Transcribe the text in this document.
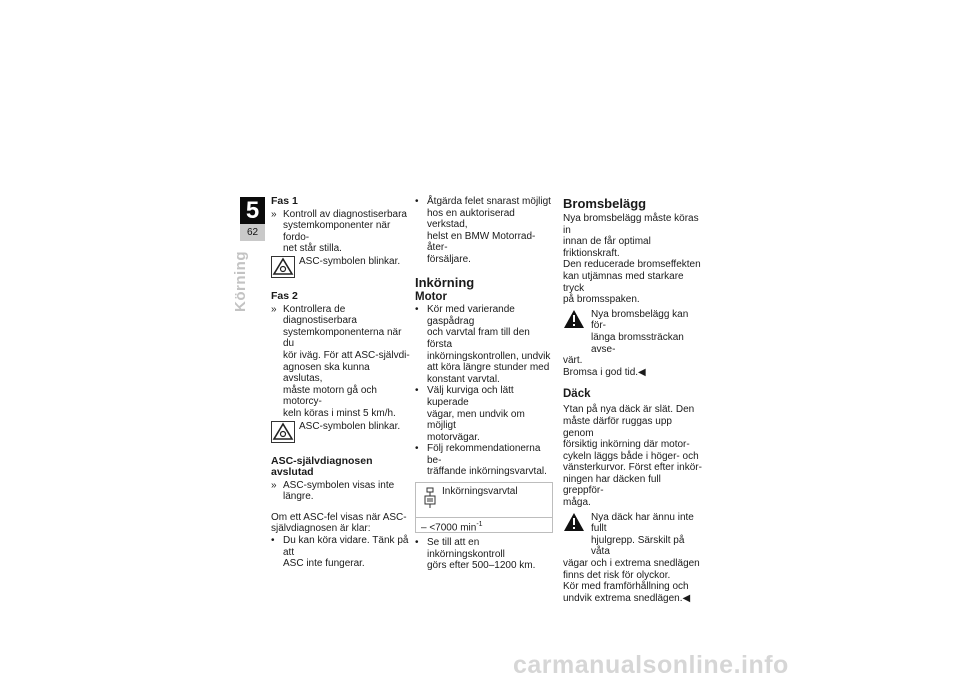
5
62
Körning
Fas 1
» Kontroll av diagnostiserbara
systemkomponenter när fordo-
net står stilla.
ASC-symbolen blinkar.
Fas 2
» Kontrollera de diagnostiserbara
systemkomponenterna när du
kör iväg. För att ASC-självdi-
agnosen ska kunna avslutas,
måste motorn gå och motorcy-
keln köras i minst 5 km/h.
ASC-symbolen blinkar.
ASC-självdiagnosen avslutad
» ASC-symbolen visas inte
längre.
Om ett ASC-fel visas när ASC-
självdiagnosen är klar:
• Du kan köra vidare. Tänk på att
ASC inte fungerar.
• Åtgärda felet snarast möjligt
hos en auktoriserad verkstad,
helst en BMW Motorrad-åter-
försäljare.
Inkörning
Motor
• Kör med varierande gaspådrag
och varvtal fram till den första
inkörningskontrollen, undvik
att köra längre stunder med
konstant varvtal.
• Välj kurviga och lätt kuperade
vägar, men undvik om möjligt
motorvägar.
• Följ rekommendationerna be-
träffande inkörningsvarvtal.
Inkörningsvarvtal
– <7000 $\min^{-1}$
• Se till att en inkörningskontroll
görs efter 500–1200 km.
Bromsbelägg
Nya bromsbelägg måste köras in
innan de får optimal friktionskraft.
Den reducerade bromseffekten
kan utjämnas med starkare tryck
på bromsspaken.
Nya bromsbelägg kan för-
länga bromssträckan avse-
värt.
Bromsa i god tid.◀
Däck
Ytan på nya däck är slät. Den
måste därför ruggas upp genom
försiktig inkörning där motor-
cykeln läggs både i höger- och
vänsterkurvor. Först efter inkör-
ningen har däcken full greppför-
måga.
Nya däck har ännu inte fullt
hjulgrepp. Särskilt på våta
vägar och i extrema snedlägen
finns det risk för olyckor.
Kör med framförhållning och
undvik extrema snedlägen.◀
carmanualsonline.info
